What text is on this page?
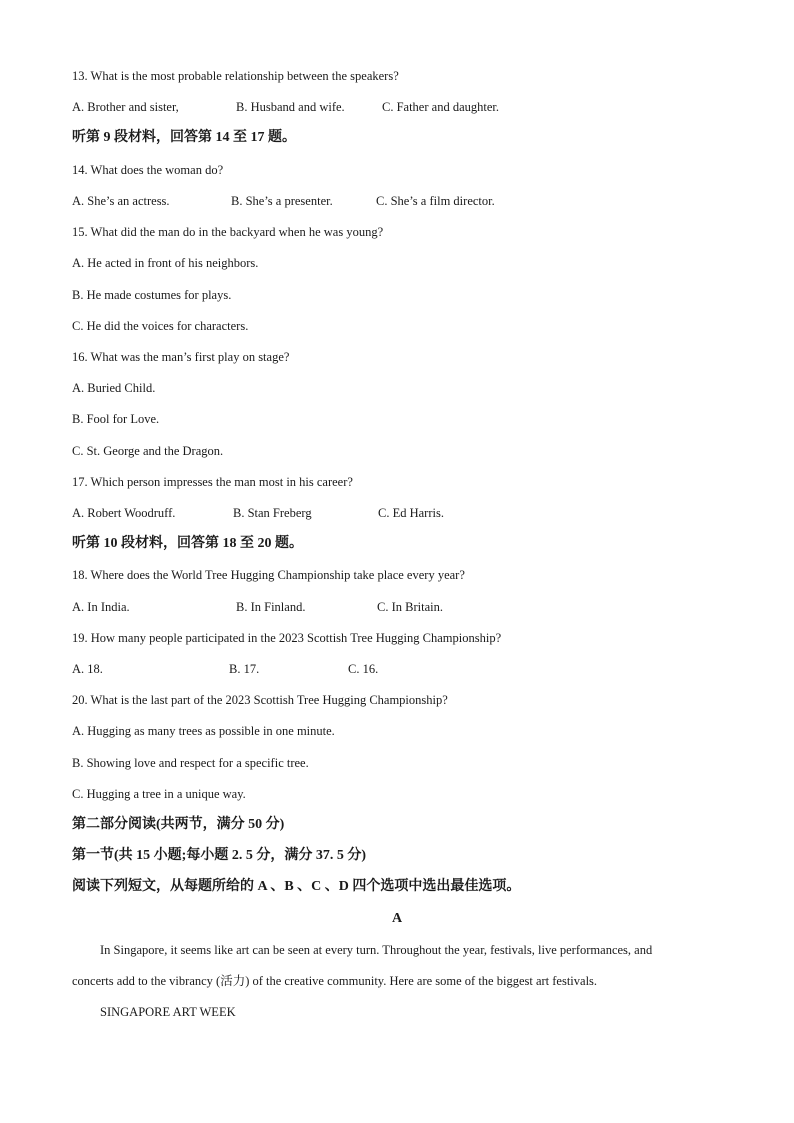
13. What is the most probable relationship between the speakers?
A. Brother and sister,	B. Husband and wife.	C. Father and daughter.
听第 9 段材料，回答第 14 至 17 题。
14. What does the woman do?
A. She’s an actress.	B. She’s a presenter.	C. She’s a film director.
15. What did the man do in the backyard when he was young?
A. He acted in front of his neighbors.
B. He made costumes for plays.
C. He did the voices for characters.
16. What was the man’s first play on stage?
A. Buried Child.
B. Fool for Love.
C. St. George and the Dragon.
17. Which person impresses the man most in his career?
A. Robert Woodruff.	B. Stan Freberg	C. Ed Harris.
听第 10 段材料，回答第 18 至 20 题。
18. Where does the World Tree Hugging Championship take place every year?
A. In India.	B. In Finland.	C. In Britain.
19. How many people participated in the 2023 Scottish Tree Hugging Championship?
A. 18.	B. 17.	C. 16.
20. What is the last part of the 2023 Scottish Tree Hugging Championship?
A. Hugging as many trees as possible in one minute.
B. Showing love and respect for a specific tree.
C. Hugging a tree in a unique way.
第二部分阅读(共两节，满分 50 分)
第一节(共 15 小题;每小题 2. 5 分，满分 37. 5 分)
阅读下列短文，从每题所给的 A 、B 、C 、D 四个选项中选出最佳选项。
A
In Singapore, it seems like art can be seen at every turn. Throughout the year, festivals, live performances, and
concerts add to the vibrancy (活力) of the creative community. Here are some of the biggest art festivals.
SINGAPORE ART WEEK
